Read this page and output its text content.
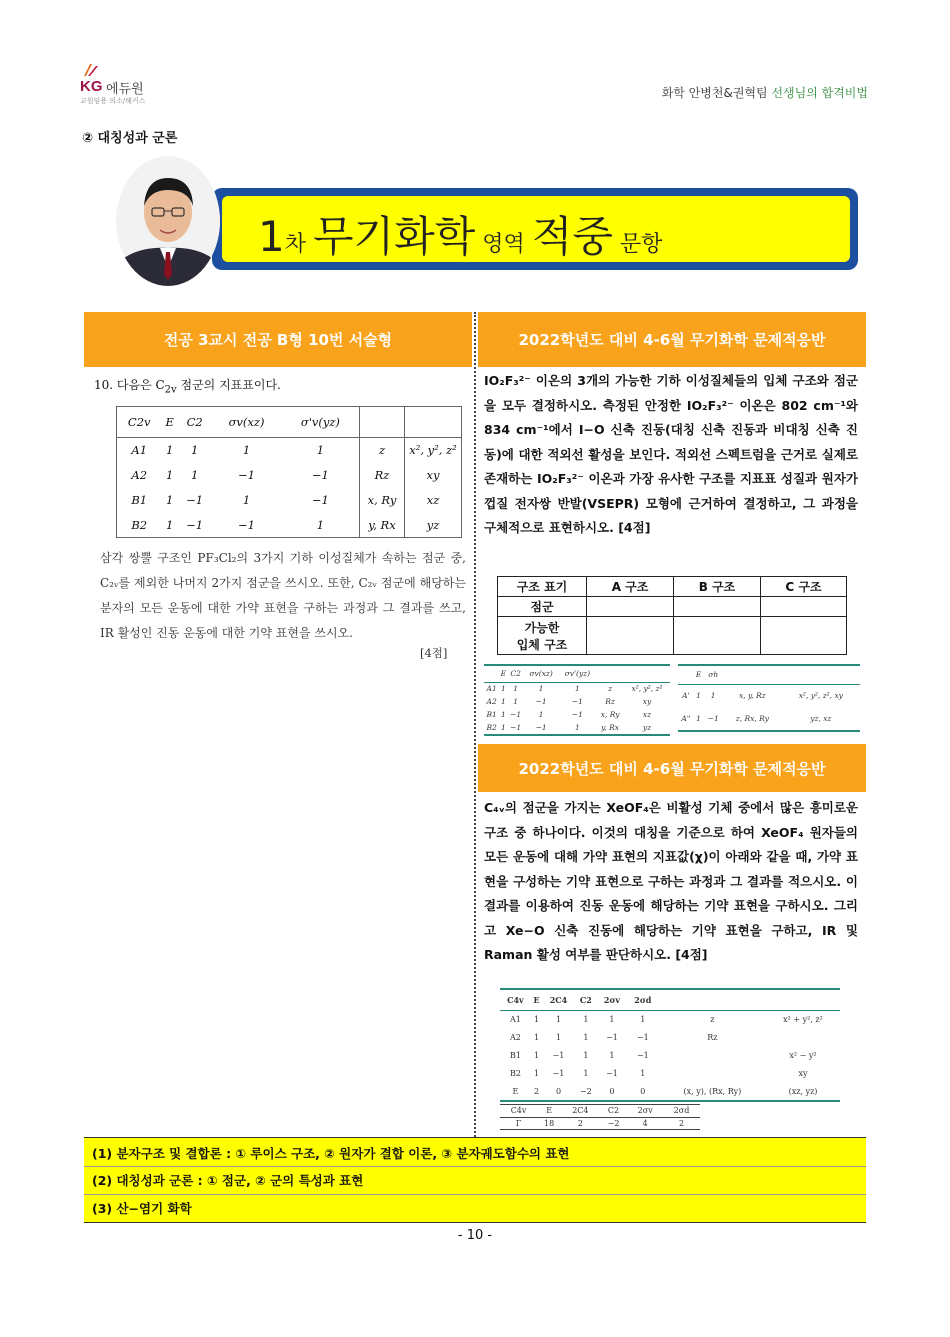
KG 에듀원
교원임용 의소/해커스
화학 안병천&권혁팀 선생님의 합격비법
② 대칭성과 군론
1차 무기화학 영역 적중 문항
전공 3교시 전공 B형 10번 서술형	2022학년도 대비 4-6월 무기화학 문제적응반
2022학년도 대비 4-6월 무기화학 문제적응반
10. 다음은 $C_{2v}$ 점군의 지표표이다.
C2v	E	C2	σv(xz)	σ'v(yz)		
A1	1	1	1	1	z	x², y², z²
A2	1	1	−1	−1	Rz	xy
B1	1	−1	1	−1	x, Ry	xz
B2	1	−1	−1	1	y, Rx	yz
삼각 쌍뿔 구조인 PF₃Cl₂의 3가지 기하 이성질체가 속하는 점군 중, C₂ᵥ를 제외한 나머지 2가지 점군을 쓰시오. 또한, C₂ᵥ 점군에 해당하는 분자의 모든 운동에 대한 가약 표현을 구하는 과정과 그 결과를 쓰고, IR 활성인 진동 운동에 대한 기약 표현을 쓰시오.
[4점]
IO₂F₃²⁻ 이온의 3개의 가능한 기하 이성질체들의 입체 구조와 점군을 모두 결정하시오. 측정된 안정한 IO₂F₃²⁻ 이온은 802 cm⁻¹와 834 cm⁻¹에서 I−O 신축 진동(대칭 신축 진동과 비대칭 신축 진동)에 대한 적외선 활성을 보인다. 적외선 스펙트럼을 근거로 실제로 존재하는 IO₂F₃²⁻ 이온과 가장 유사한 구조를 지표표 성질과 원자가 껍질 전자쌍 반발(VSEPR) 모형에 근거하여 결정하고, 그 과정을 구체적으로 표현하시오. [4점]
구조 표기	A 구조	B 구조	C 구조
점군			
가능한
입체 구조			
	E	C2	σv(xz)	σv'(yz)		
A1	1	1	1	1	z	x², y², z²
A2	1	1	−1	−1	Rz	xy
B1	1	−1	1	−1	x, Ry	xz
B2	1	−1	−1	1	y, Rx	yz
	E	σh		
A'	1	1	x, y, Rz	x², y², z², xy
A"	1	−1	z, Rx, Ry	yz, xz
C₄ᵥ의 점군을 가지는 XeOF₄은 비활성 기체 중에서 많은 흥미로운 구조 중 하나이다. 이것의 대칭을 기준으로 하여 XeOF₄ 원자들의 모든 운동에 대해 가약 표현의 지표값(χ)이 아래와 같을 때, 가약 표현을 구성하는 기약 표현으로 구하는 과정과 그 결과를 적으시오. 이 결과를 이용하여 진동 운동에 해당하는 기약 표현을 구하시오. 그리고 Xe−O 신축 진동에 해당하는 기약 표현을 구하고, IR 및 Raman 활성 여부를 판단하시오. [4점]
C4v	E	2C4	C2	2σv	2σd		
A1	1	1	1	1	1	z	x² + y², z²
A2	1	1	1	−1	−1	Rz	
B1	1	−1	1	1	−1		x² − y²
B2	1	−1	1	−1	1		xy
E	2	0	−2	0	0	(x, y), (Rx, Ry)	(xz, yz)
C4v	E	2C4	C2	2σv	2σd
Γ	18	2	−2	4	2
(1) 분자구조 및 결합론 : ① 루이스 구조, ② 원자가 결합 이론, ③ 분자궤도함수의 표현
(2) 대칭성과 군론 : ① 점군, ② 군의 특성과 표현
(3) 산−염기 화학
- 10 -
